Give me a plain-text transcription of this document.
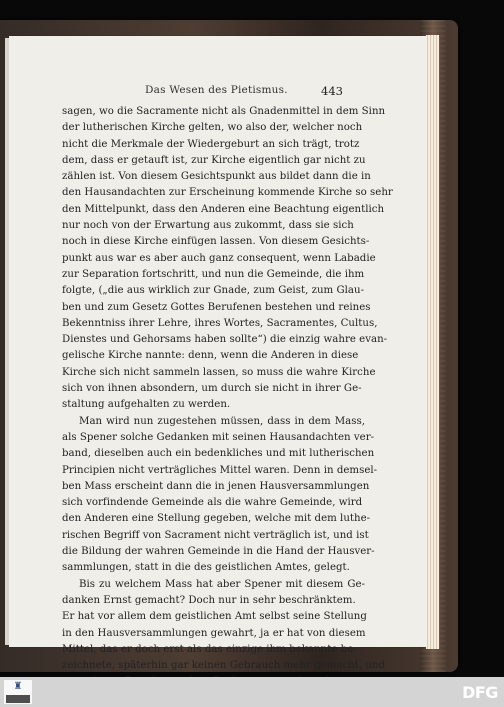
Das Wesen des Pietismus.	443
sagen, wo die Sacramente nicht als Gnadenmittel in dem Sinn
der lutherischen Kirche gelten, wo also der, welcher noch
nicht die Merkmale der Wiedergeburt an sich trägt, trotz
dem, dass er getauft ist, zur Kirche eigentlich gar nicht zu
zählen ist. Von diesem Gesichtspunkt aus bildet dann die in
den Hausandachten zur Erscheinung kommende Kirche so sehr
den Mittelpunkt, dass den Anderen eine Beachtung eigentlich
nur noch von der Erwartung aus zukommt, dass sie sich
noch in diese Kirche einfügen lassen. Von diesem Gesichts-
punkt aus war es aber auch ganz consequent, wenn Labadie
zur Separation fortschritt, und nun die Gemeinde, die ihm
folgte, („die aus wirklich zur Gnade, zum Geist, zum Glau-
ben und zum Gesetz Gottes Berufenen bestehen und reines
Bekenntniss ihrer Lehre, ihres Wortes, Sacramentes, Cultus,
Dienstes und Gehorsams haben sollte“) die einzig wahre evan-
gelische Kirche nannte: denn, wenn die Anderen in diese
Kirche sich nicht sammeln lassen, so muss die wahre Kirche
sich von ihnen absondern, um durch sie nicht in ihrer Ge-
staltung aufgehalten zu werden.
Man wird nun zugestehen müssen, dass in dem Mass,
als Spener solche Gedanken mit seinen Hausandachten ver-
band, dieselben auch ein bedenkliches und mit lutherischen
Principien nicht verträgliches Mittel waren. Denn in demsel-
ben Mass erscheint dann die in jenen Hausversammlungen
sich vorfindende Gemeinde als die wahre Gemeinde, wird
den Anderen eine Stellung gegeben, welche mit dem luthe-
rischen Begriff von Sacrament nicht verträglich ist, und ist
die Bildung der wahren Gemeinde in die Hand der Hausver-
sammlungen, statt in die des geistlichen Amtes, gelegt.
Bis zu welchem Mass hat aber Spener mit diesem Ge-
danken Ernst gemacht? Doch nur in sehr beschränktem.
Er hat vor allem dem geistlichen Amt selbst seine Stellung
in den Hausversammlungen gewahrt, ja er hat von diesem
Mittel, das er doch erst als das einzige ihm bekannte be-
zeichnete, späterhin gar keinen Gebrauch mehr gemacht, und
♜	DFG
